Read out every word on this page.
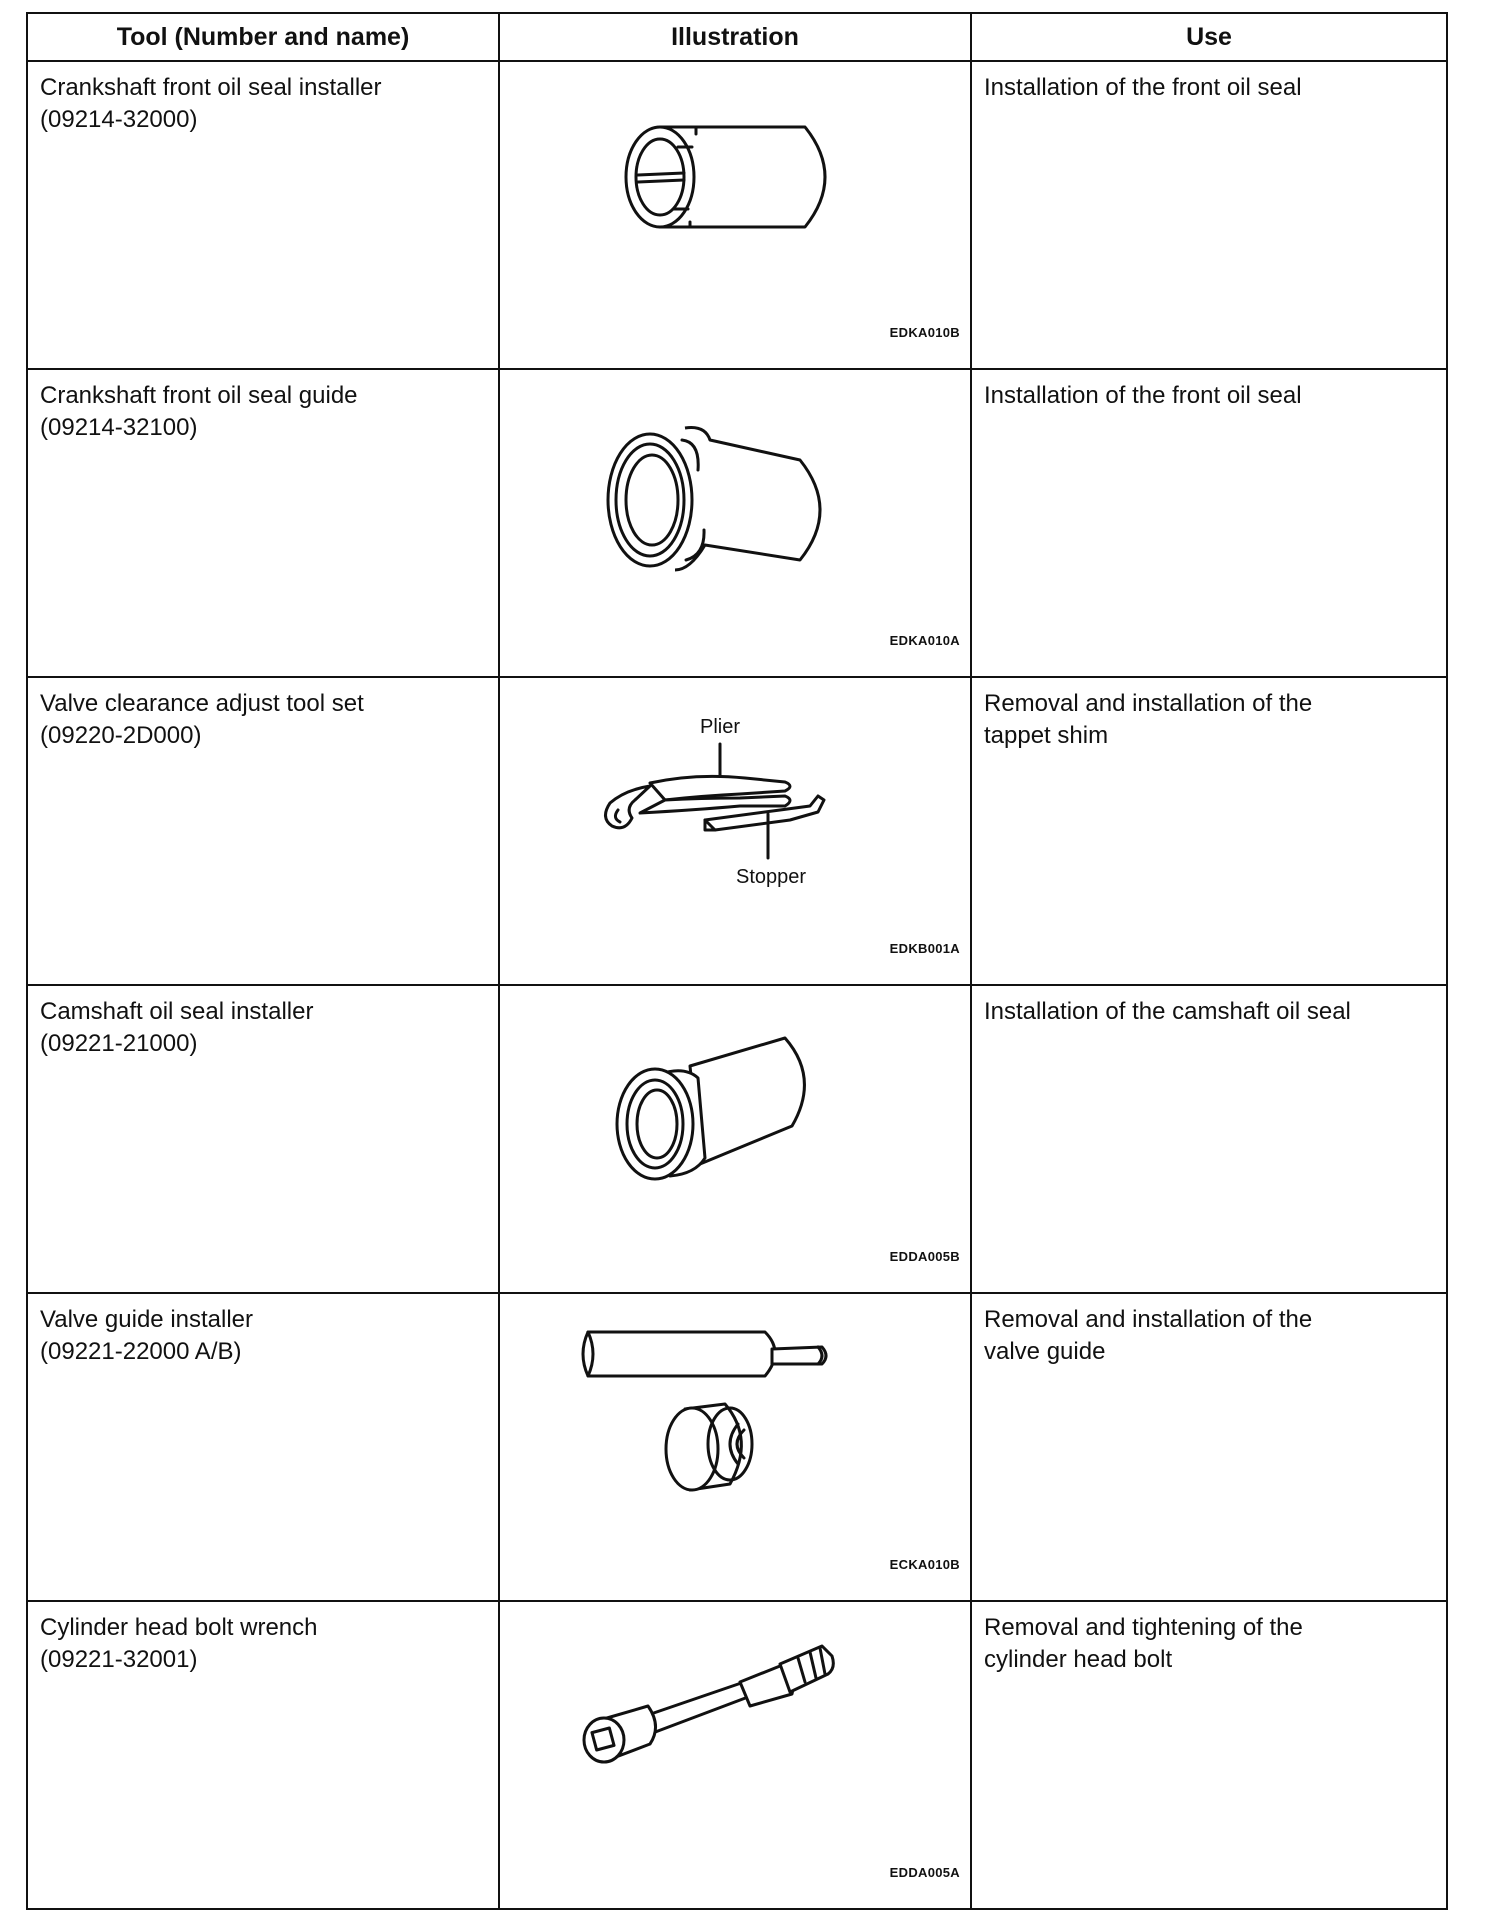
Tool (Number and name)	Illustration	Use

Crankshaft front oil seal installer
(09214-32000)	EDKA010B	Installation of the front oil seal

Crankshaft front oil seal guide
(09214-32100)	EDKA010A	Installation of the front oil seal

Valve clearance adjust tool set
(09220-2D000)	Plier
Stopper
EDKB001A	Removal and installation of the
tappet shim

Camshaft oil seal installer
(09221-21000)	EDDA005B	Installation of the camshaft oil seal

Valve guide installer
(09221-22000 A/B)	ECKA010B	Removal and installation of the
valve guide

Cylinder head bolt wrench
(09221-32001)	EDDA005A	Removal and tightening of the
cylinder head bolt
